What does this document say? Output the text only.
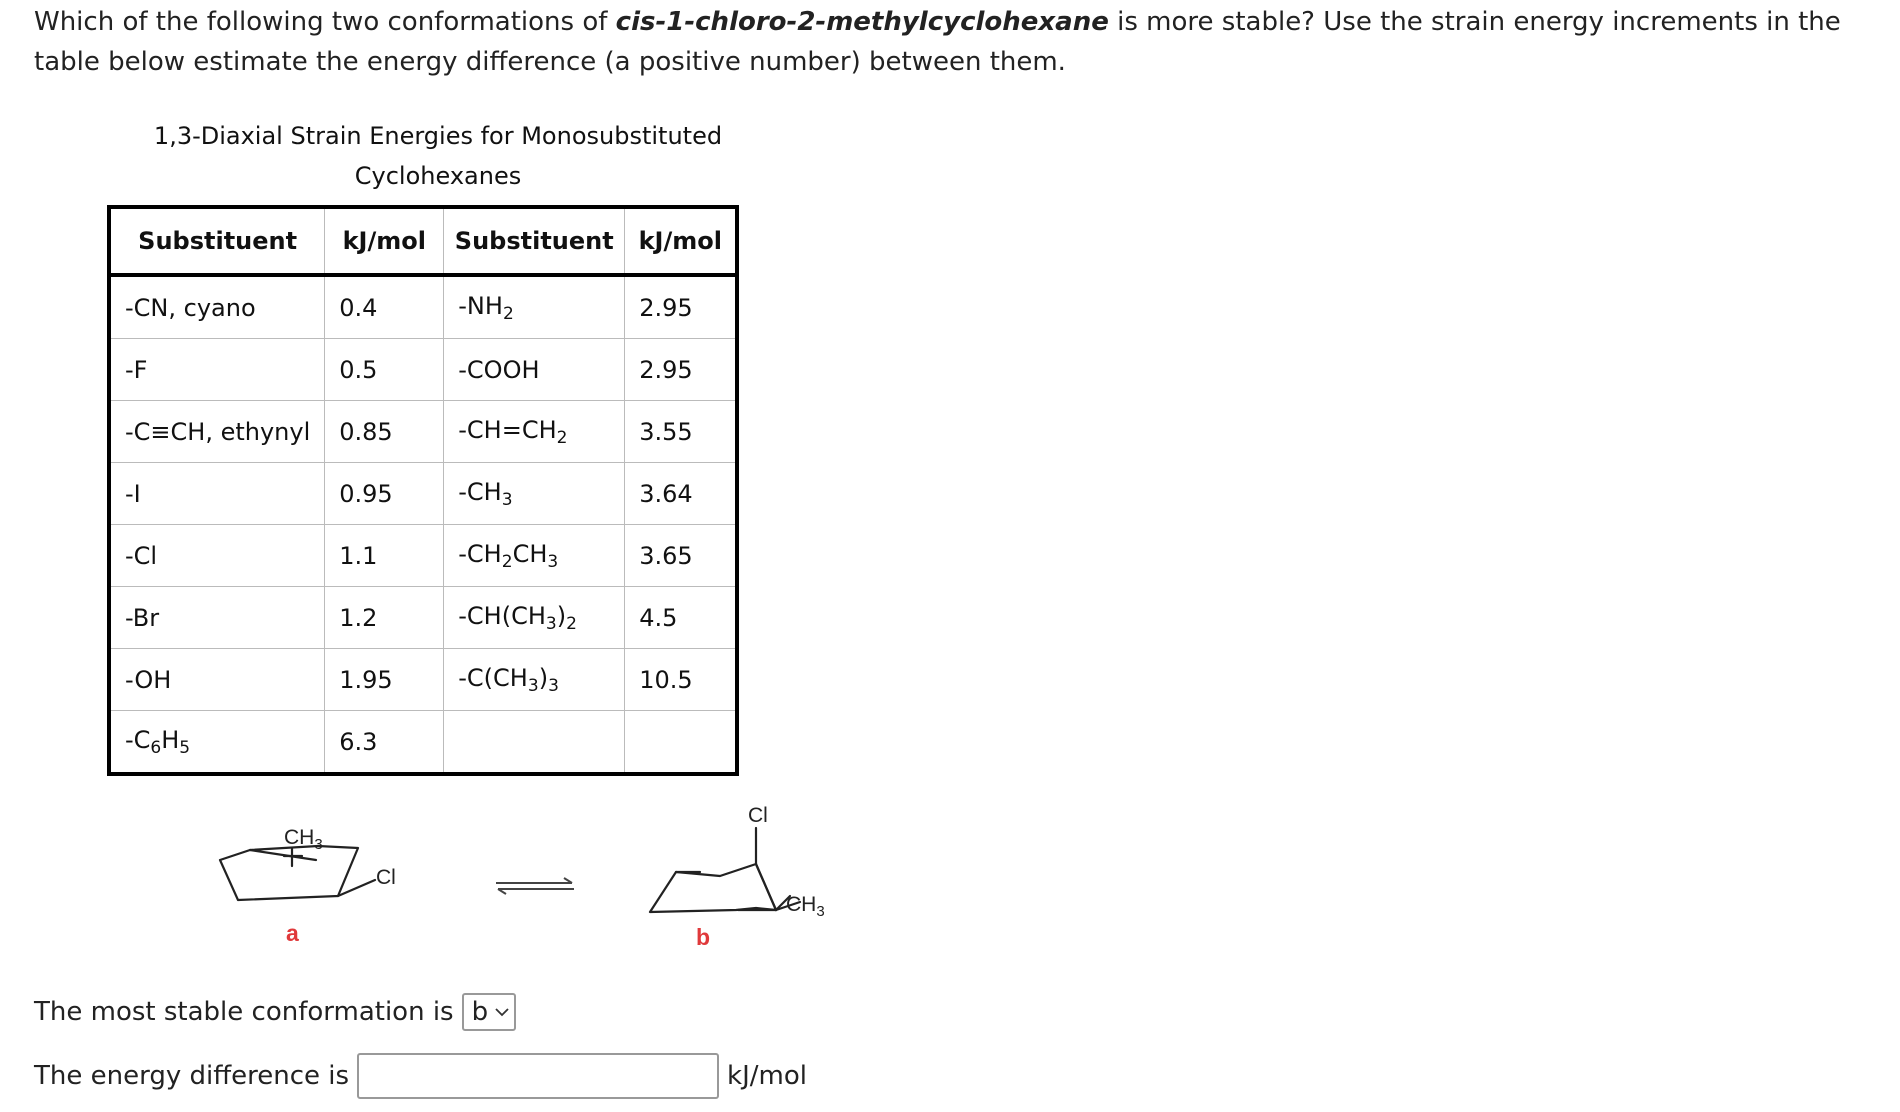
Which of the following two conformations of cis-1-chloro-2-methylcyclohexane is more stable? Use the strain energy increments in the table below estimate the energy difference (a positive number) between them.
1,3-Diaxial Strain Energies for Monosubstituted
Cyclohexanes
Substituent	kJ/mol	Substituent	kJ/mol
-CN, cyano	0.4	$-NH_2$	2.95
-F	0.5	-COOH	2.95
-C≡CH, ethynyl	0.85	$-CH=CH_2$	3.55
-I	0.95	$-CH_3$	3.64
-Cl	1.1	$-CH_2CH_3$	3.65
-Br	1.2	$-CH(CH_3)_2$	4.5
-OH	1.95	$-C(CH_3)_3$	10.5
$-C_6H_5$	6.3		
$CH_3$
Cl
a
Cl
$CH_3$
b
The most stable conformation is b
The energy difference is	kJ/mol
